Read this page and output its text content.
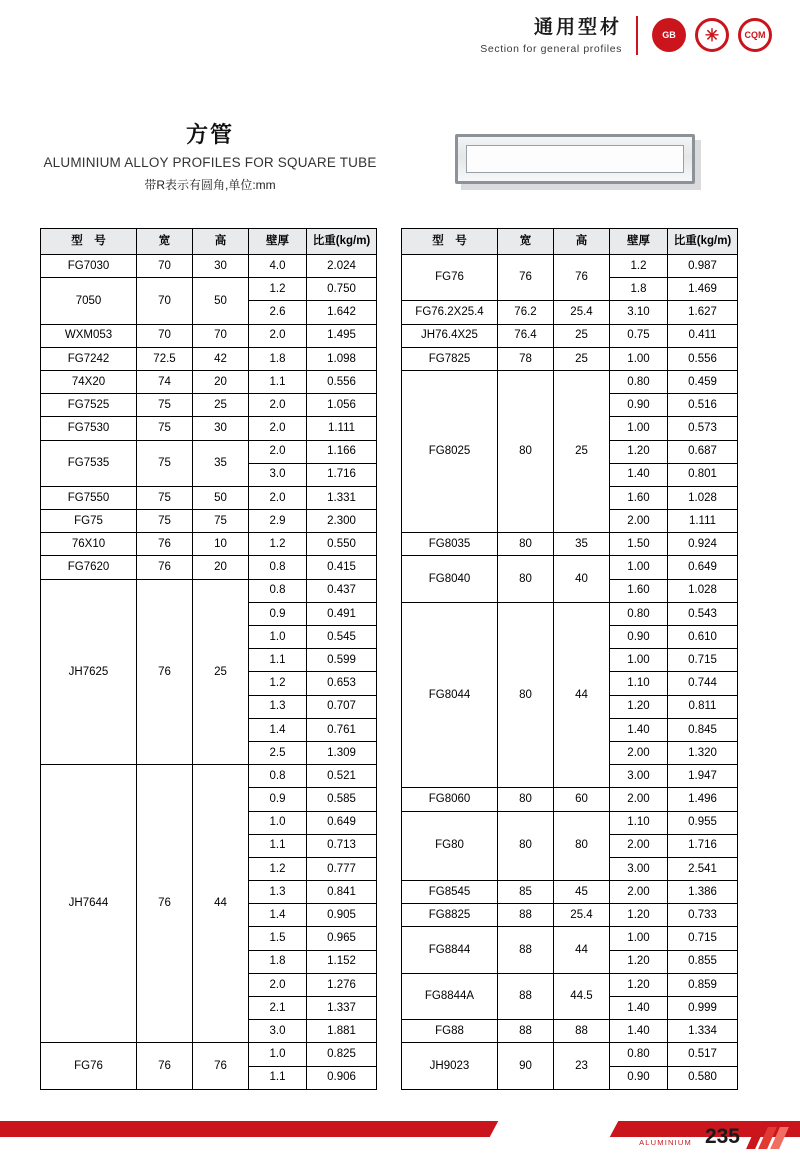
通用型材
Section for general profiles
GB ✳	CQM
方管
ALUMINIUM ALLOY PROFILES FOR SQUARE TUBE
带R表示有圆角,单位:mm
型　号	宽	高	壁厚	比重(kg/m)
FG7030	70	30	4.0	2.024
7050	70	50	1.2	0.750
			2.6	1.642
WXM053	70	70	2.0	1.495
FG7242	72.5	42	1.8	1.098
74X20	74	20	1.1	0.556
FG7525	75	25	2.0	1.056
FG7530	75	30	2.0	1.111
FG7535	75	35	2.0	1.166
			3.0	1.716
FG7550	75	50	2.0	1.331
FG75	75	75	2.9	2.300
76X10	76	10	1.2	0.550
FG7620	76	20	0.8	0.415
JH7625	76	25	0.8	0.437
			0.9	0.491
			1.0	0.545
			1.1	0.599
			1.2	0.653
			1.3	0.707
			1.4	0.761
			2.5	1.309
JH7644	76	44	0.8	0.521
			0.9	0.585
			1.0	0.649
			1.1	0.713
			1.2	0.777
			1.3	0.841
			1.4	0.905
			1.5	0.965
			1.8	1.152
			2.0	1.276
			2.1	1.337
			3.0	1.881
FG76	76	76	1.0	0.825
			1.1	0.906
型　号	宽	高	壁厚	比重(kg/m)
FG76	76	76	1.2	0.987
			1.8	1.469
FG76.2X25.4	76.2	25.4	3.10	1.627
JH76.4X25	76.4	25	0.75	0.411
FG7825	78	25	1.00	0.556
FG8025	80	25	0.80	0.459
			0.90	0.516
			1.00	0.573
			1.20	0.687
			1.40	0.801
			1.60	1.028
			2.00	1.111
FG8035	80	35	1.50	0.924
FG8040	80	40	1.00	0.649
			1.60	1.028
FG8044	80	44	0.80	0.543
			0.90	0.610
			1.00	0.715
			1.10	0.744
			1.20	0.811
			1.40	0.845
			2.00	1.320
			3.00	1.947
FG8060	80	60	2.00	1.496
FG80	80	80	1.10	0.955
			2.00	1.716
			3.00	2.541
FG8545	85	45	2.00	1.386
FG8825	88	25.4	1.20	0.733
FG8844	88	44	1.00	0.715
			1.20	0.855
FG8844A	88	44.5	1.20	0.859
			1.40	0.999
FG88	88	88	1.40	1.334
JH9023	90	23	0.80	0.517
			0.90	0.580
JIAHUA
ALUMINIUM 235
